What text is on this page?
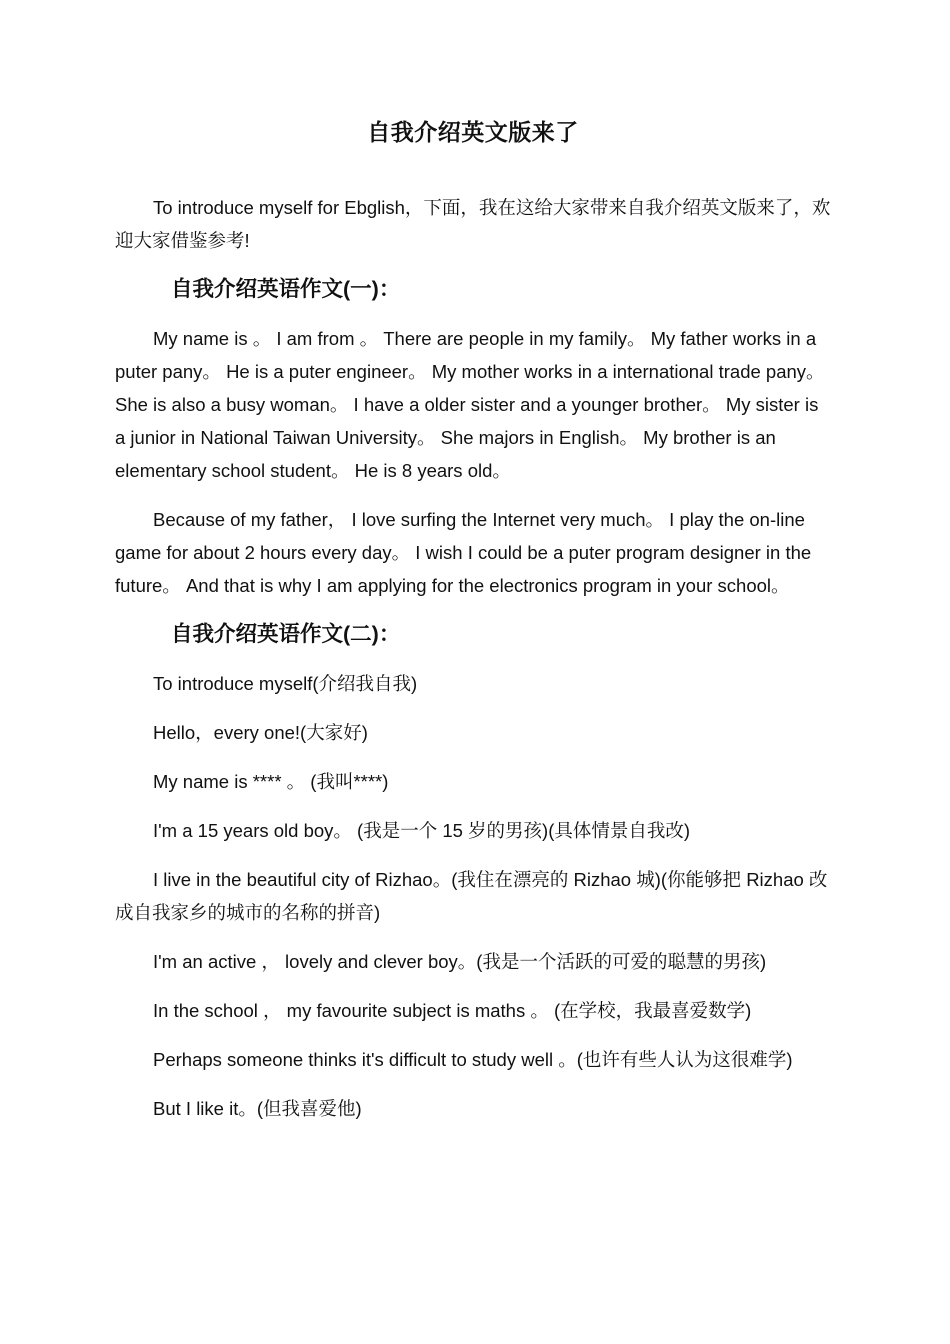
自我介绍英文版来了

To introduce myself for Ebglish，下面，我在这给大家带来自我介绍英文版来了，欢迎大家借鉴参考!

自我介绍英语作文(一)：

My name is 。 I am from 。 There are people in my family。 My father works in a puter pany。 He is a puter engineer。 My mother works in a international trade pany。 She is also a busy woman。 I have a older sister and a younger brother。 My sister is a junior in National Taiwan University。 She majors in English。 My brother is an elementary school student。 He is 8 years old。

Because of my father， I love surfing the Internet very much。 I play the on-line game for about 2 hours every day。 I wish I could be a puter program designer in the future。 And that is why I am applying for the electronics program in your school。

自我介绍英语作文(二)：

To introduce myself(介绍我自我)

Hello，every one!(大家好)

My name is **** 。 (我叫****)

I'm a 15 years old boy。 (我是一个 15 岁的男孩)(具体情景自我改)

I live in the beautiful city of Rizhao。(我住在漂亮的 Rizhao 城)(你能够把 Rizhao 改成自我家乡的城市的名称的拼音)

I'm an active ， lovely and clever boy。(我是一个活跃的可爱的聪慧的男孩)

In the school ， my favourite subject is maths 。 (在学校，我最喜爱数学)

Perhaps someone thinks it's difficult to study well 。(也许有些人认为这很难学)

But I like it。(但我喜爱他)
